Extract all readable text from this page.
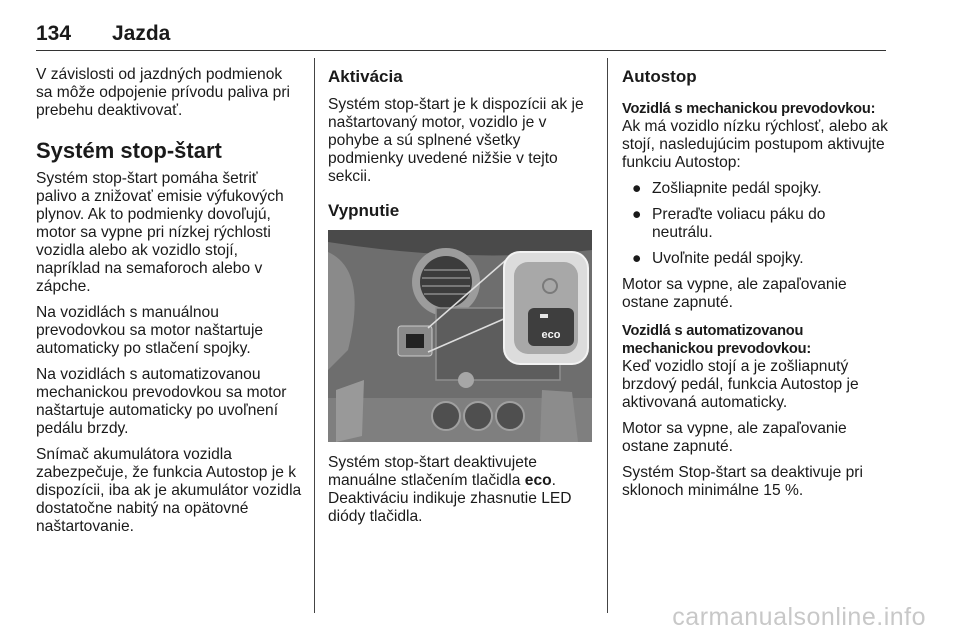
134 Jazda

V závislosti od jazdných podmienok sa môže odpojenie prívodu paliva pri prebehu deaktivovať.

Systém stop-štart

Systém stop-štart pomáha šetriť palivo a znižovať emisie výfukových plynov. Ak to podmienky dovoľujú, motor sa vypne pri nízkej rýchlosti vozidla alebo ak vozidlo stojí, napríklad na semaforoch alebo v zápche.

Na vozidlách s manuálnou prevodovkou sa motor naštartuje automaticky po stlačení spojky.

Na vozidlách s automatizovanou mechanickou prevodovkou sa motor naštartuje automaticky po uvoľnení pedálu brzdy.

Snímač akumulátora vozidla zabezpečuje, že funkcia Autostop je k dispozícii, iba ak je akumulátor vozidla dostatočne nabitý na opätovné naštartovanie.

Aktivácia

Systém stop-štart je k dispozícii ak je naštartovaný motor, vozidlo je v pohybe a sú splnené všetky podmienky uvedené nižšie v tejto sekcii.

Vypnutie
eco

Systém stop-štart deaktivujete manuálne stlačením tlačidla eco. Deaktiváciu indikuje zhasnutie LED diódy tlačidla.

Autostop
Vozidlá s mechanickou prevodovkou:

Ak má vozidlo nízku rýchlosť, alebo ak stojí, nasledujúcim postupom aktivujte funkciu Autostop:

● Zošliapnite pedál spojky.
● Preraďte voliacu páku do neutrálu.
● Uvoľnite pedál spojky.

Motor sa vypne, ale zapaľovanie ostane zapnuté.

Vozidlá s automatizovanou mechanickou prevodovkou:

Keď vozidlo stojí a je zošliapnutý brzdový pedál, funkcia Autostop je aktivovaná automaticky.

Motor sa vypne, ale zapaľovanie ostane zapnuté.

Systém Stop-štart sa deaktivuje pri sklonoch minimálne 15 %.

carmanualsonline.info
